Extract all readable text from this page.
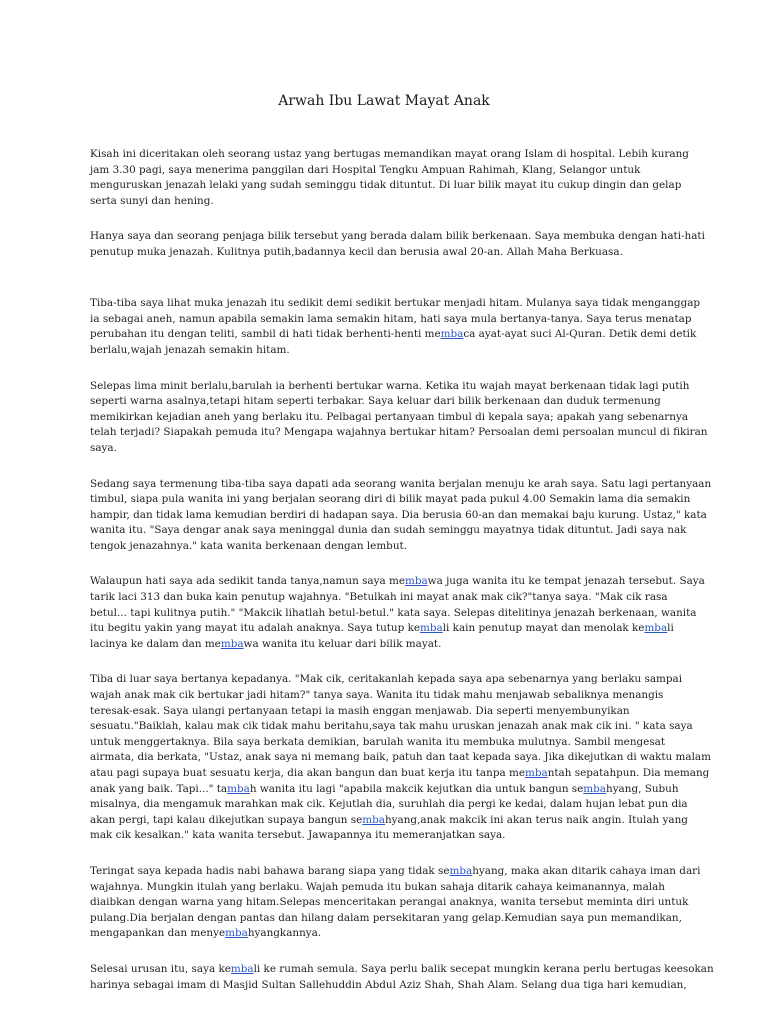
Arwah Ibu Lawat Mayat Anak

Kisah ini diceritakan oleh seorang ustaz yang bertugas memandikan mayat orang Islam di hospital. Lebih kurang
jam 3.30 pagi, saya menerima panggilan dari Hospital Tengku Ampuan Rahimah, Klang, Selangor untuk
menguruskan jenazah lelaki yang sudah seminggu tidak dituntut. Di luar bilik mayat itu cukup dingin dan gelap
serta sunyi dan hening.

Hanya saya dan seorang penjaga bilik tersebut yang berada dalam bilik berkenaan. Saya membuka dengan hati-hati
penutup muka jenazah. Kulitnya putih,badannya kecil dan berusia awal 20-an. Allah Maha Berkuasa.

Tiba-tiba saya lihat muka jenazah itu sedikit demi sedikit bertukar menjadi hitam. Mulanya saya tidak menganggap
ia sebagai aneh, namun apabila semakin lama semakin hitam, hati saya mula bertanya-tanya. Saya terus menatap
perubahan itu dengan teliti, sambil di hati tidak berhenti-henti membaca ayat-ayat suci Al-Quran. Detik demi detik
berlalu,wajah jenazah semakin hitam.

Selepas lima minit berlalu,barulah ia berhenti bertukar warna. Ketika itu wajah mayat berkenaan tidak lagi putih
seperti warna asalnya,tetapi hitam seperti terbakar. Saya keluar dari bilik berkenaan dan duduk termenung
memikirkan kejadian aneh yang berlaku itu. Pelbagai pertanyaan timbul di kepala saya; apakah yang sebenarnya
telah terjadi? Siapakah pemuda itu? Mengapa wajahnya bertukar hitam? Persoalan demi persoalan muncul di fikiran
saya.

Sedang saya termenung tiba-tiba saya dapati ada seorang wanita berjalan menuju ke arah saya. Satu lagi pertanyaan
timbul, siapa pula wanita ini yang berjalan seorang diri di bilik mayat pada pukul 4.00 Semakin lama dia semakin
hampir, dan tidak lama kemudian berdiri di hadapan saya. Dia berusia 60-an dan memakai baju kurung. Ustaz," kata
wanita itu. "Saya dengar anak saya meninggal dunia dan sudah seminggu mayatnya tidak dituntut. Jadi saya nak
tengok jenazahnya." kata wanita berkenaan dengan lembut.

Walaupun hati saya ada sedikit tanda tanya,namun saya membawa juga wanita itu ke tempat jenazah tersebut. Saya
tarik laci 313 dan buka kain penutup wajahnya. "Betulkah ini mayat anak mak cik?"tanya saya. "Mak cik rasa
betul... tapi kulitnya putih." "Makcik lihatlah betul-betul." kata saya. Selepas ditelitinya jenazah berkenaan, wanita
itu begitu yakin yang mayat itu adalah anaknya. Saya tutup kembali kain penutup mayat dan menolak kembali
lacinya ke dalam dan membawa wanita itu keluar dari bilik mayat.

Tiba di luar saya bertanya kepadanya. "Mak cik, ceritakanlah kepada saya apa sebenarnya yang berlaku sampai
wajah anak mak cik bertukar jadi hitam?" tanya saya. Wanita itu tidak mahu menjawab sebaliknya menangis
teresak-esak. Saya ulangi pertanyaan tetapi ia masih enggan menjawab. Dia seperti menyembunyikan
sesuatu."Baiklah, kalau mak cik tidak mahu beritahu,saya tak mahu uruskan jenazah anak mak cik ini. " kata saya
untuk menggertaknya. Bila saya berkata demikian, barulah wanita itu membuka mulutnya. Sambil mengesat
airmata, dia berkata, "Ustaz, anak saya ni memang baik, patuh dan taat kepada saya. Jika dikejutkan di waktu malam
atau pagi supaya buat sesuatu kerja, dia akan bangun dan buat kerja itu tanpa membantah sepatahpun. Dia memang
anak yang baik. Tapi..." tambah wanita itu lagi "apabila makcik kejutkan dia untuk bangun sembahyang, Subuh
misalnya, dia mengamuk marahkan mak cik. Kejutlah dia, suruhlah dia pergi ke kedai, dalam hujan lebat pun dia
akan pergi, tapi kalau dikejutkan supaya bangun sembahyang,anak makcik ini akan terus naik angin. Itulah yang
mak cik kesalkan." kata wanita tersebut. Jawapannya itu memeranjatkan saya.

Teringat saya kepada hadis nabi bahawa barang siapa yang tidak sembahyang, maka akan ditarik cahaya iman dari
wajahnya. Mungkin itulah yang berlaku. Wajah pemuda itu bukan sahaja ditarik cahaya keimanannya, malah
diaibkan dengan warna yang hitam.Selepas menceritakan perangai anaknya, wanita tersebut meminta diri untuk
pulang.Dia berjalan dengan pantas dan hilang dalam persekitaran yang gelap.Kemudian saya pun memandikan,
mengapankan dan menyembahyangkannya.

Selesai urusan itu, saya kembali ke rumah semula. Saya perlu balik secepat mungkin kerana perlu bertugas keesokan
harinya sebagai imam di Masjid Sultan Sallehuddin Abdul Aziz Shah, Shah Alam. Selang dua tiga hari kemudian,
